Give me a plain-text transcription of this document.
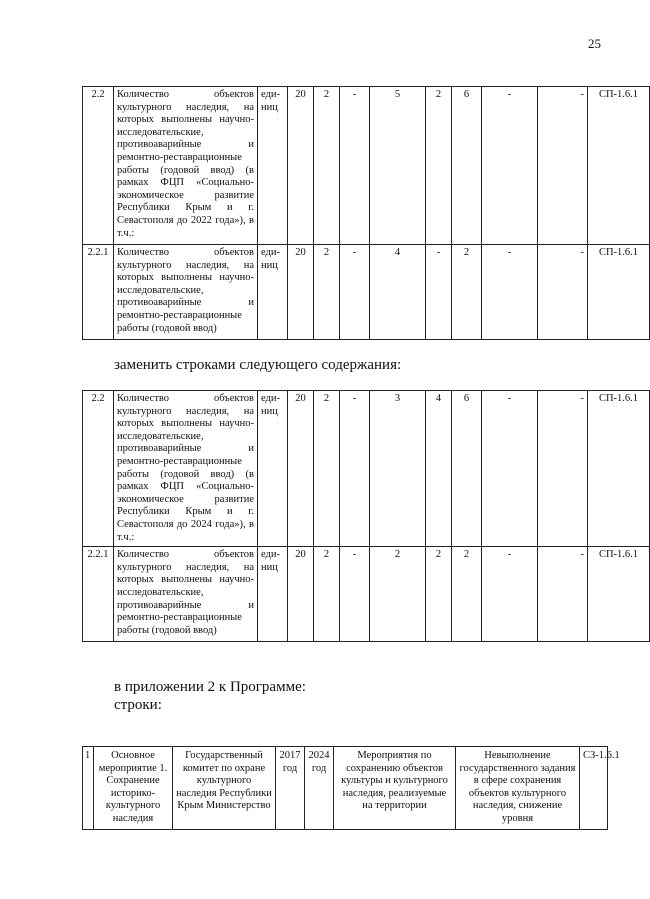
25
2.2	Количество объектов культурного наследия, на которых выполнены научно-исследовательские, противоаварийные и ремонтно-реставрационные работы (годовой ввод) (в рамках ФЦП «Социально-экономическое развитие Республики Крым и г. Севастополя до 2022 года»), в т.ч.:	еди-ниц	20	2	-	5	2	6	-	-	СП-1.6.1
2.2.1	Количество объектов культурного наследия, на которых выполнены научно-исследовательские, противоаварийные и ремонтно-реставрационные работы (годовой ввод)	еди-ниц	20	2	-	4	-	2	-	-	СП-1.6.1
заменить строками следующего содержания:
2.2	Количество объектов культурного наследия, на которых выполнены научно-исследовательские, противоаварийные и ремонтно-реставрационные работы (годовой ввод) (в рамках ФЦП «Социально-экономическое развитие Республики Крым и г. Севастополя до 2024 года»), в т.ч.:	еди-ниц	20	2	-	3	4	6	-	-	СП-1.6.1
2.2.1	Количество объектов культурного наследия, на которых выполнены научно-исследовательские, противоаварийные и ремонтно-реставрационные работы (годовой ввод)	еди-ниц	20	2	-	2	2	2	-	-	СП-1.6.1
в приложении 2 к Программе:
строки:
1	Основное мероприятие 1. Сохранение историко-культурного наследия	Государственный комитет по охране культурного наследия Республики Крым Министерство	2017 год	2024 год	Мероприятия по сохранению объектов культуры и культурного наследия, реализуемые на территории	Невыполнение государственного задания в сфере сохранения объектов культурного наследия, снижение уровня	СЗ-1.6.1
